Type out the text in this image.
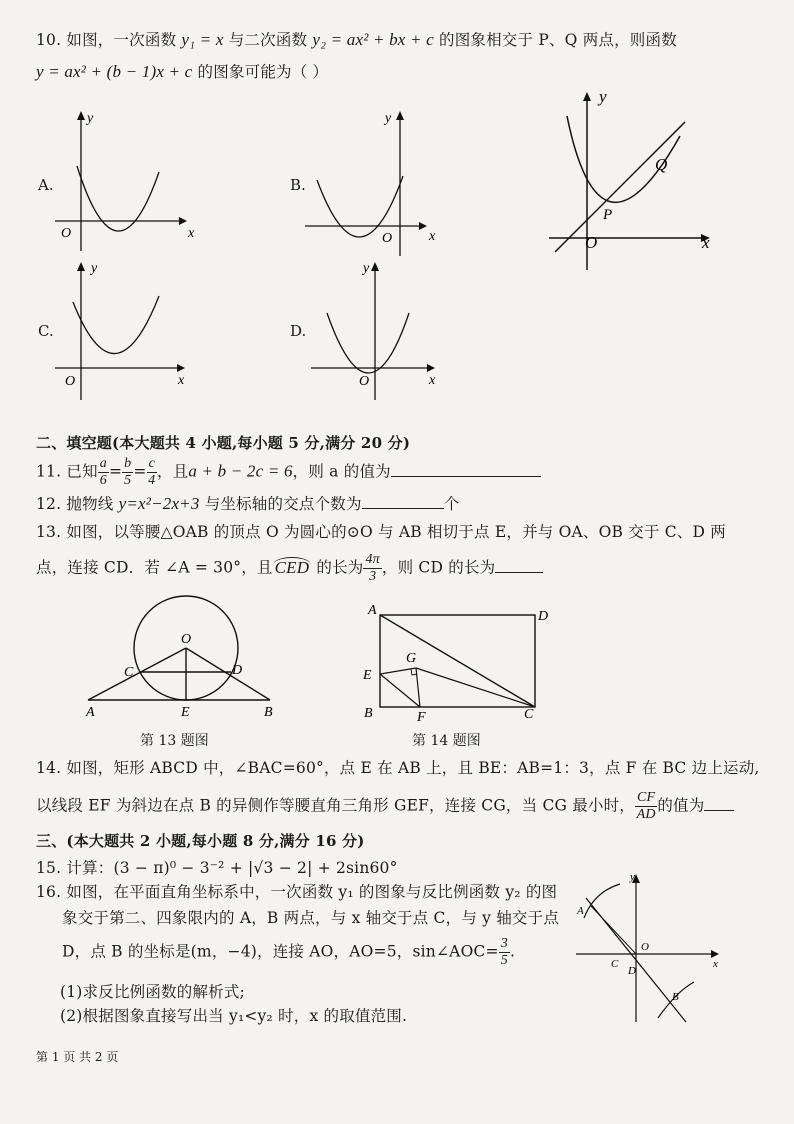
10. 如图，一次函数 y₁ = x 与二次函数 y₂ = ax² + bx + c 的图象相交于 P、Q 两点，则函数
y = ax² + (b − 1)x + c 的图象可能为（ ）
A.
y
x
O
B.
y
x
O
y
x
O
P
Q
C.
y
x
O
D.
y
x
O
二、填空题(本大题共 4 小题,每小题 5 分,满分 20 分)
11. 已知 $\frac{a}{6} = \frac{b}{5} = \frac{c}{4}$ ，且a + b − 2c = 6，则 a 的值为
12. 抛物线 y=x²−2x+3 与坐标轴的交点个数为	个
13. 如图，以等腰△OAB 的顶点 O 为圆心的⊙O 与 AB 相切于点 E，并与 OA、OB 交于 C、D 两
点，连接 CD．若 ∠A = 30°，且 CED 的长为 $\frac{4\pi}{3}$ ，则 CD 的长为
O
C	D
A	E	B
第 13 题图
A	D
G
E
B	F	C
第 14 题图
14. 如图，矩形 ABCD 中，∠BAC=60°，点 E 在 AB 上，且 BE：AB=1：3，点 F 在 BC 边上运动,
以线段 EF 为斜边在点 B 的异侧作等腰直角三角形 GEF，连接 CG，当 CG 最小时， $\frac{CF}{AD}$ 的值为
三、(本大题共 2 小题,每小题 8 分,满分 16 分)
15. 计算：(3 − π)⁰ − 3⁻² + |√3 − 2| + 2sin60°
16. 如图，在平面直角坐标系中，一次函数 y₁ 的图象与反比例函数 y₂ 的图
象交于第二、四象限内的 A，B 两点，与 x 轴交于点 C，与 y 轴交于点
D，点 B 的坐标是(m，−4)，连接 AO，AO=5，sin∠AOC= $\frac{3}{5}$ .
(1)求反比例函数的解析式;
(2)根据图象直接写出当 y₁<y₂ 时，x 的取值范围.
y
x
A
O
C
D
B
第 1 页 共 2 页
